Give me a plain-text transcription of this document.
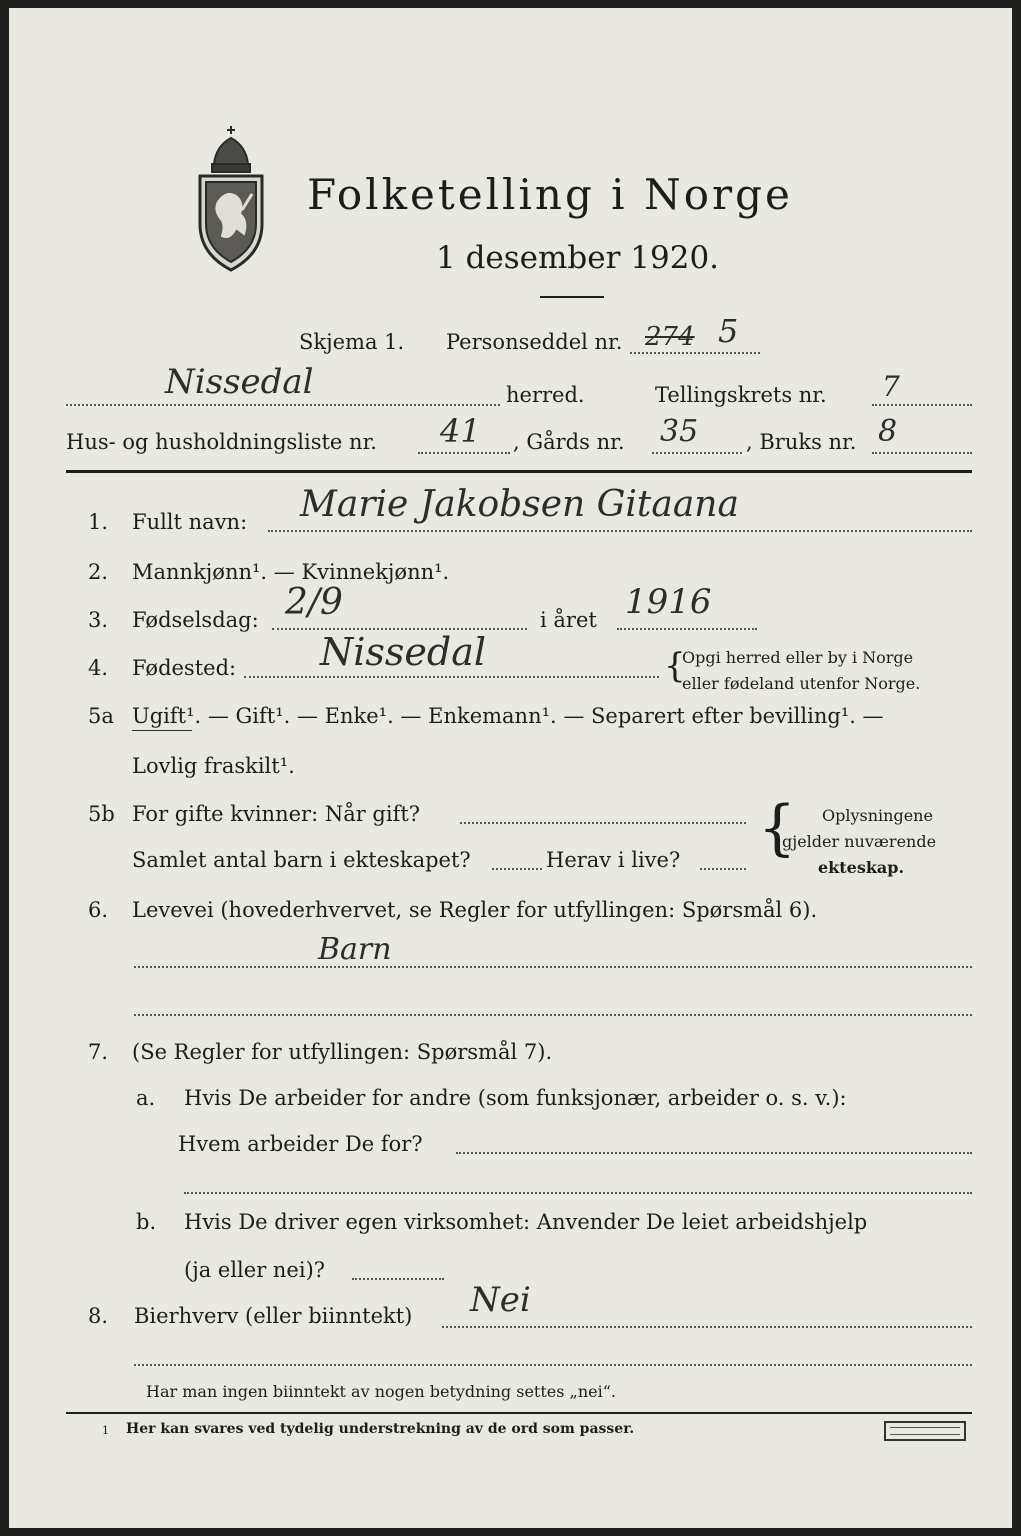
Folketelling i Norge
1 desember 1920.
Skjema 1. Personseddel nr. 274 5
Nissedal	herred.	Tellingskrets nr. 7
Hus- og husholdningsliste nr. 41 , Gårds nr. 35 , Bruks nr. 8
1. Fullt navn: Marie Jakobsen Gitaana
2. Mannkjønn¹. — Kvinnekjønn¹.
3. Fødselsdag: 2/9	i året 1916
4. Fødested: Nissedal	{
Opgi herred eller by i Norge
eller fødeland utenfor Norge.
5a Ugift¹. — Gift¹. — Enke¹. — Enkemann¹. — Separert efter bevilling¹. —
Lovlig fraskilt¹.
5b For gifte kvinner: Når gift?
Samlet antal barn i ekteskapet?	Herav i live? { Oplysningene
gjelder nuværende
ekteskap.
6. Levevei (hovederhvervet, se Regler for utfyllingen: Spørsmål 6).
Barn
7. (Se Regler for utfyllingen: Spørsmål 7).
a. Hvis De arbeider for andre (som funksjonær, arbeider o. s. v.):
Hvem arbeider De for?
b. Hvis De driver egen virksomhet: Anvender De leiet arbeidshjelp
(ja eller nei)?
8. Bierhverv (eller biinntekt) Nei
Har man ingen biinntekt av nogen betydning settes „nei“.
1 Her kan svares ved tydelig understrekning av de ord som passer.
